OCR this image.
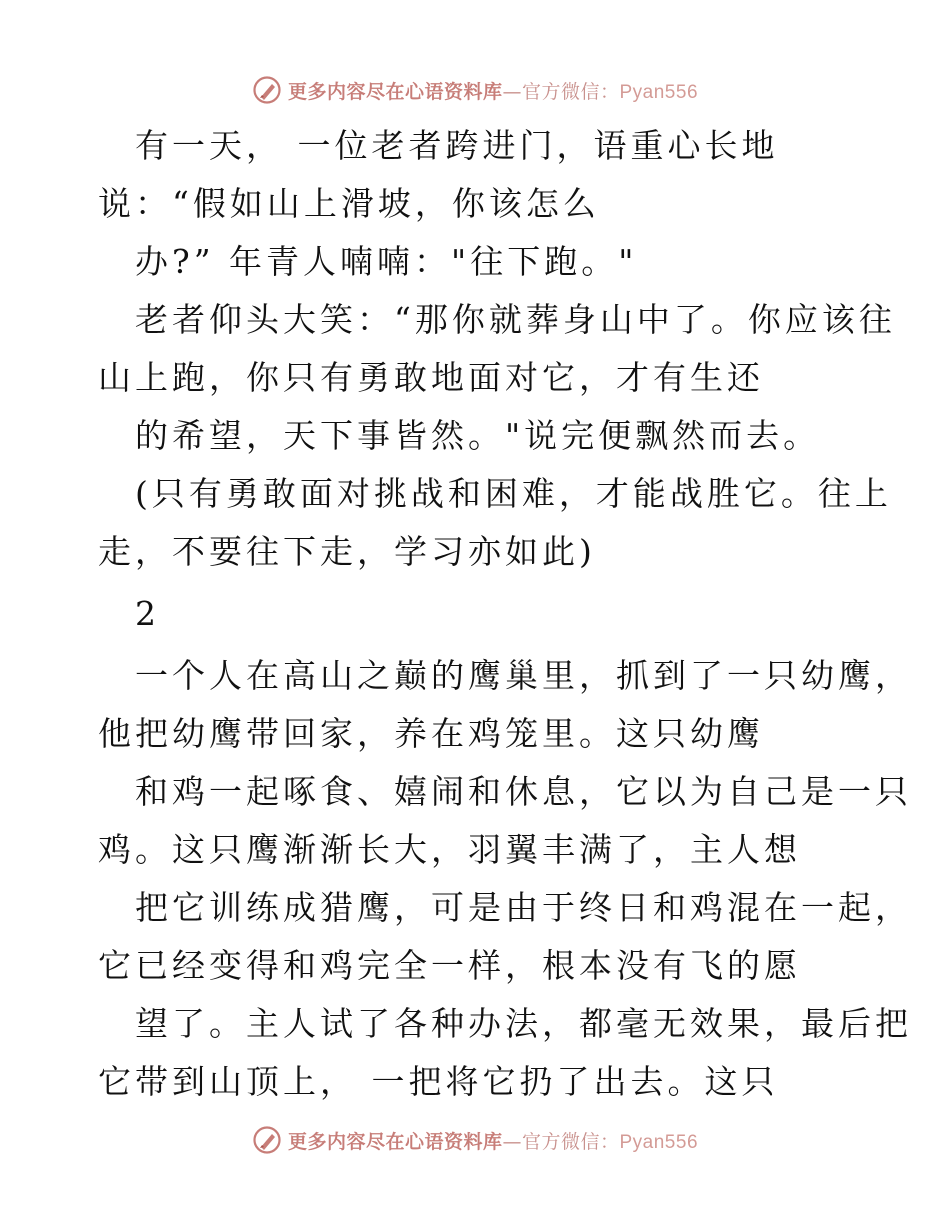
更多内容尽在心语资料库—官方微信：Pyan556
有一天， 一位老者跨进门，语重心长地
说：“假如山上滑坡，你该怎么
办?” 年青人喃喃："往下跑。"
老者仰头大笑：“那你就葬身山中了。你应该往
山上跑，你只有勇敢地面对它，才有生还
的希望，天下事皆然。"说完便飘然而去。
(只有勇敢面对挑战和困难，才能战胜它。往上
走，不要往下走，学习亦如此)
2
一个人在高山之巅的鹰巢里，抓到了一只幼鹰，
他把幼鹰带回家，养在鸡笼里。这只幼鹰
和鸡一起啄食、嬉闹和休息，它以为自己是一只
鸡。这只鹰渐渐长大，羽翼丰满了，主人想
把它训练成猎鹰，可是由于终日和鸡混在一起，
它已经变得和鸡完全一样，根本没有飞的愿
望了。主人试了各种办法，都毫无效果，最后把
它带到山顶上， 一把将它扔了出去。这只
更多内容尽在心语资料库—官方微信：Pyan556
